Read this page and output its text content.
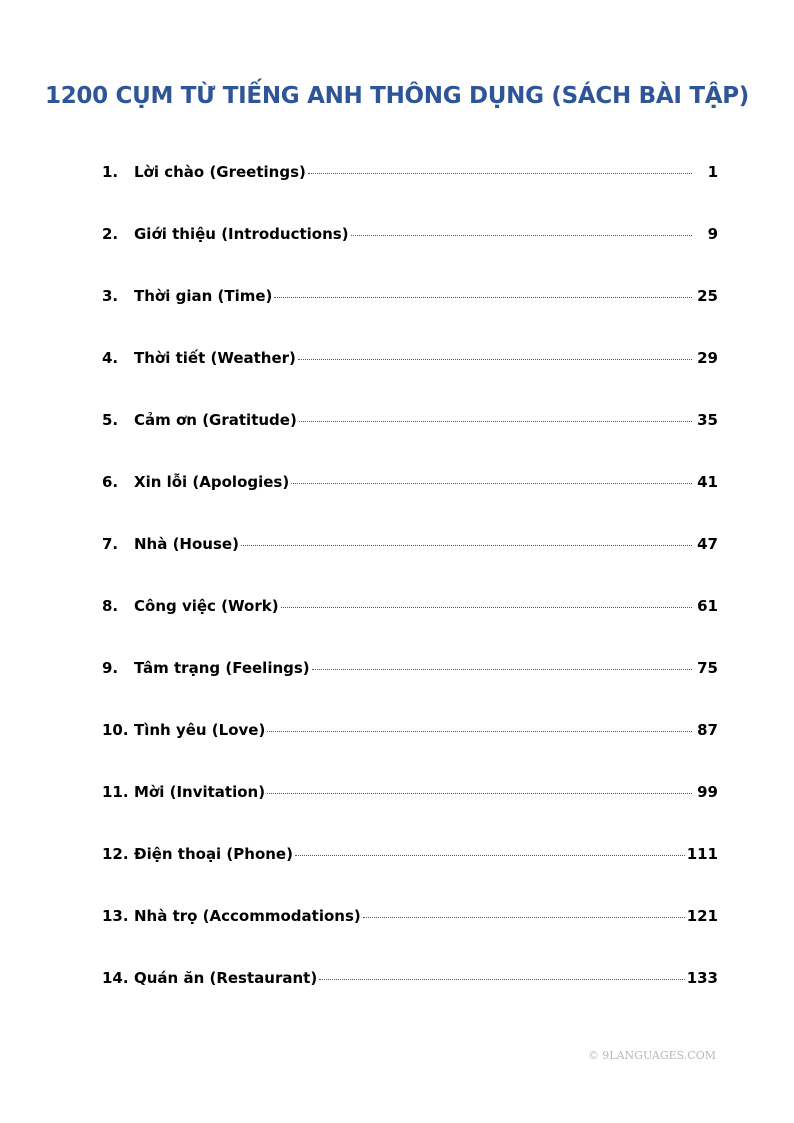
1200 CỤM TỪ TIẾNG ANH THÔNG DỤNG (SÁCH BÀI TẬP)
1.	Lời chào (Greetings)	1
2.	Giới thiệu (Introductions)	9
3.	Thời gian (Time)	25
4.	Thời tiết (Weather)	29
5.	Cảm ơn (Gratitude)	35
6.	Xin lỗi (Apologies)	41
7.	Nhà (House)	47
8.	Công việc (Work)	61
9.	Tâm trạng (Feelings)	75
10. Tình yêu (Love)	87
11. Mời (Invitation)	99
12. Điện thoại (Phone)	111
13. Nhà trọ (Accommodations)	121
14. Quán ăn (Restaurant)	133
© 9LANGUAGES.COM
